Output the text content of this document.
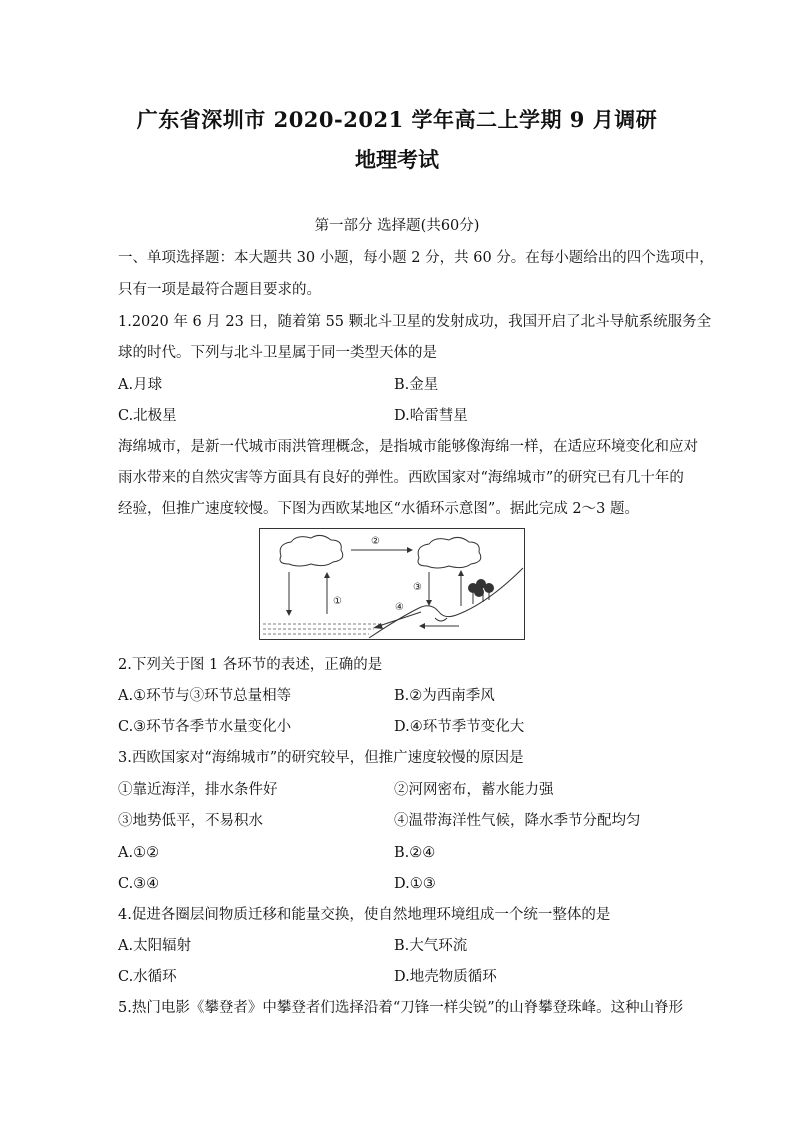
广东省深圳市 2020-2021 学年高二上学期 9 月调研
地理考试
第一部分 选择题(共60分)
一、单项选择题：本大题共 30 小题，每小题 2 分，共 60 分。在每小题给出的四个选项中，
只有一项是最符合题目要求的。
1.2020 年 6 月 23 日，随着第 55 颗北斗卫星的发射成功，我国开启了北斗导航系统服务全
球的时代。下列与北斗卫星属于同一类型天体的是
A.月球	B.金星
C.北极星	D.哈雷彗星
海绵城市，是新一代城市雨洪管理概念，是指城市能够像海绵一样，在适应环境变化和应对
雨水带来的自然灾害等方面具有良好的弹性。西欧国家对“海绵城市”的研究已有几十年的
经验，但推广速度较慢。下图为西欧某地区“水循环示意图”。据此完成 2～3 题。
②
①
③
④
2.下列关于图 1 各环节的表述，正确的是
A.①环节与③环节总量相等	B.②为西南季风
C.③环节各季节水量变化小	D.④环节季节变化大
3.西欧国家对“海绵城市”的研究较早，但推广速度较慢的原因是
①靠近海洋，排水条件好	②河网密布，蓄水能力强
③地势低平，不易积水	④温带海洋性气候，降水季节分配均匀
A.①②	B.②④
C.③④	D.①③
4.促进各圈层间物质迁移和能量交换，使自然地理环境组成一个统一整体的是
A.太阳辐射	B.大气环流
C.水循环	D.地壳物质循环
5.热门电影《攀登者》中攀登者们选择沿着“刀锋一样尖锐”的山脊攀登珠峰。这种山脊形
